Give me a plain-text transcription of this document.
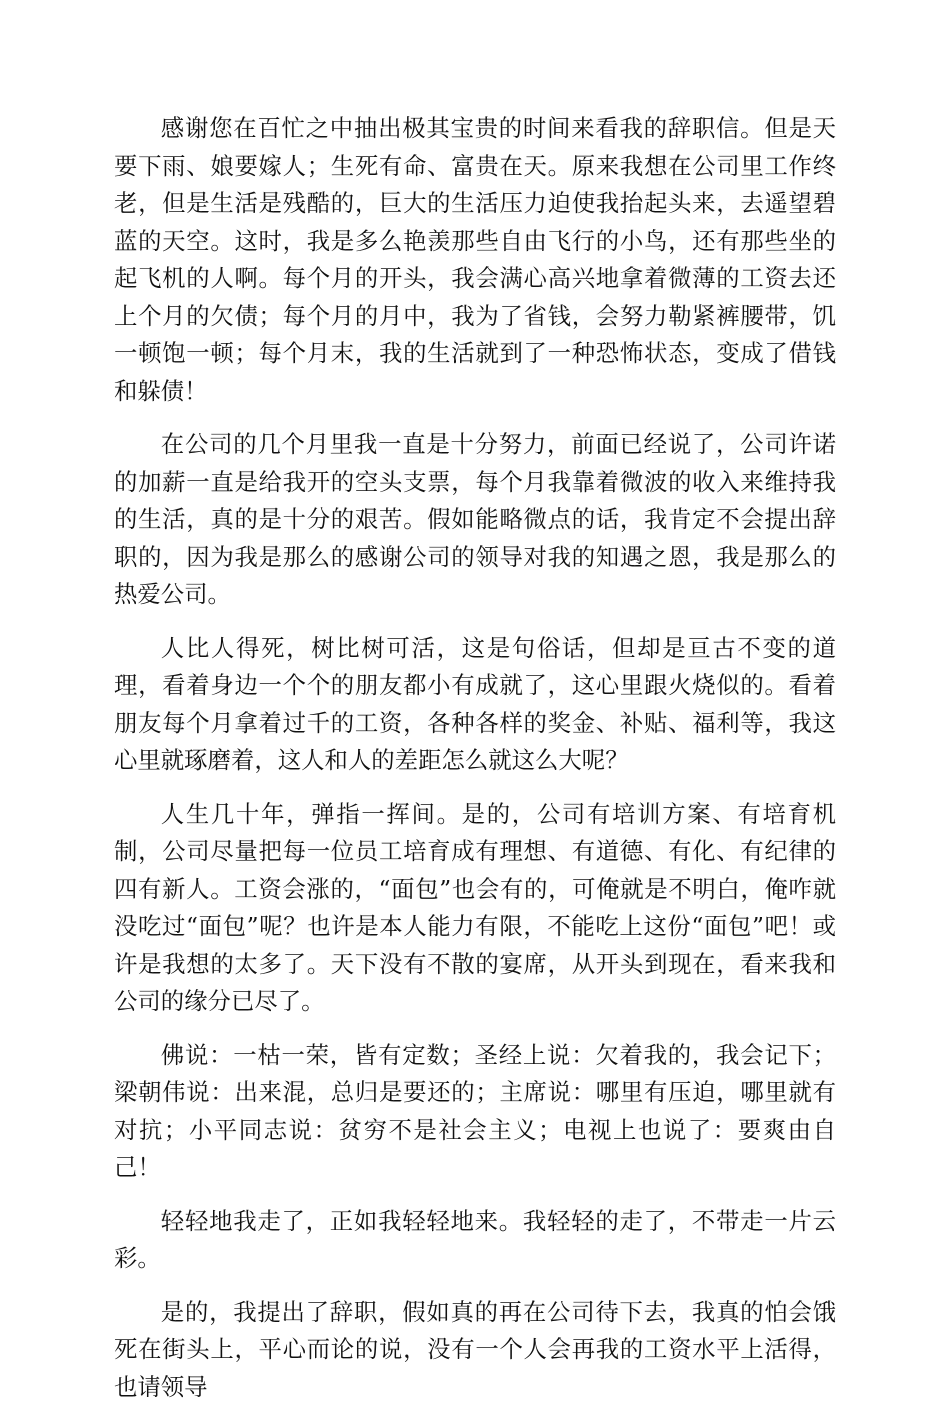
感谢您在百忙之中抽出极其宝贵的时间来看我的辞职信。但是天要下雨、娘要嫁人；生死有命、富贵在天。原来我想在公司里工作终老，但是生活是残酷的，巨大的生活压力迫使我抬起头来，去遥望碧蓝的天空。这时，我是多么艳羡那些自由飞行的小鸟，还有那些坐的起飞机的人啊。每个月的开头，我会满心高兴地拿着微薄的工资去还上个月的欠债；每个月的月中，我为了省钱，会努力勒紧裤腰带，饥一顿饱一顿；每个月末，我的生活就到了一种恐怖状态，变成了借钱和躲债！

在公司的几个月里我一直是十分努力，前面已经说了，公司许诺的加薪一直是给我开的空头支票，每个月我靠着微波的收入来维持我的生活，真的是十分的艰苦。假如能略微点的话，我肯定不会提出辞职的，因为我是那么的感谢公司的领导对我的知遇之恩，我是那么的热爱公司。

人比人得死，树比树可活，这是句俗话，但却是亘古不变的道理，看着身边一个个的朋友都小有成就了，这心里跟火烧似的。看着朋友每个月拿着过千的工资，各种各样的奖金、补贴、福利等，我这心里就琢磨着，这人和人的差距怎么就这么大呢？

人生几十年，弹指一挥间。是的，公司有培训方案、有培育机制，公司尽量把每一位员工培育成有理想、有道德、有化、有纪律的四有新人。工资会涨的，“面包”也会有的，可俺就是不明白，俺咋就没吃过“面包”呢？也许是本人能力有限，不能吃上这份“面包”吧！或许是我想的太多了。天下没有不散的宴席，从开头到现在，看来我和公司的缘分已尽了。

佛说：一枯一荣，皆有定数；圣经上说：欠着我的，我会记下；梁朝伟说：出来混，总归是要还的；主席说：哪里有压迫，哪里就有对抗；小平同志说：贫穷不是社会主义；电视上也说了：要爽由自己！

轻轻地我走了，正如我轻轻地来。我轻轻的走了，不带走一片云彩。

是的，我提出了辞职，假如真的再在公司待下去，我真的怕会饿死在街头上，平心而论的说，没有一个人会再我的工资水平上活得，也请领导
